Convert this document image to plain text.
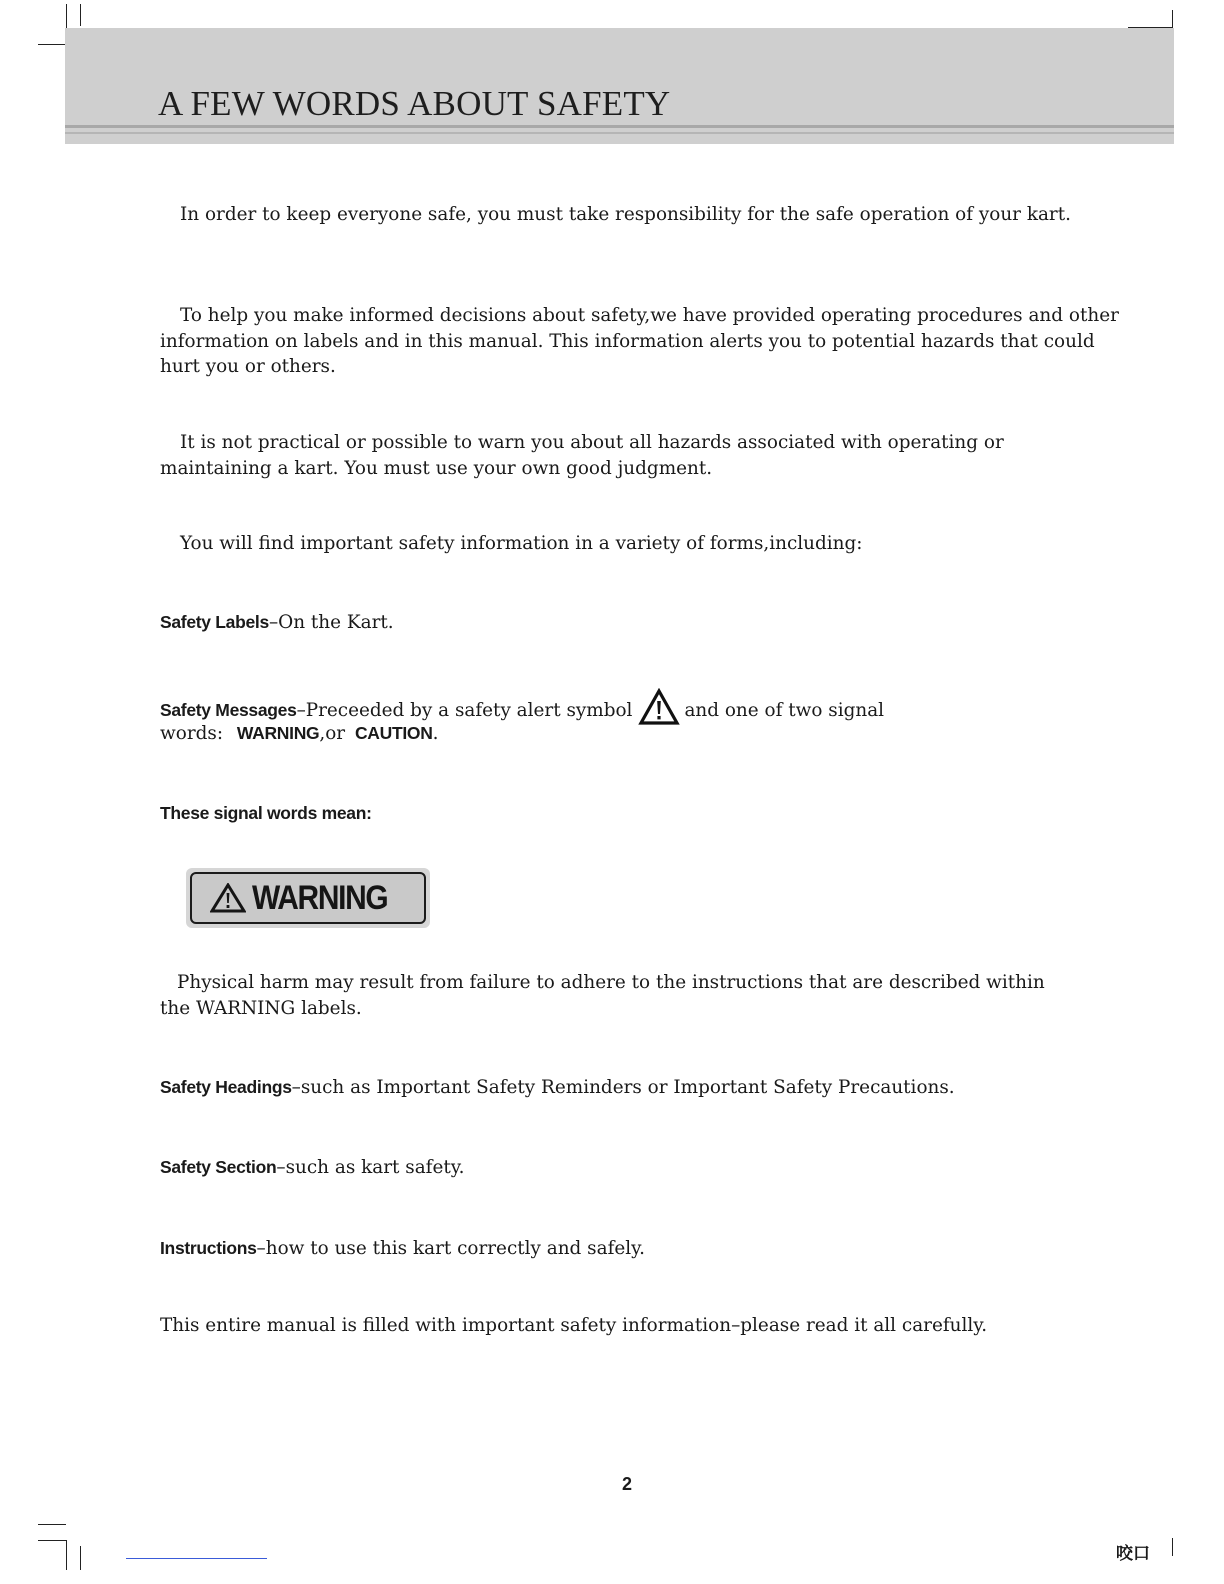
A FEW WORDS ABOUT SAFETY

In order to keep everyone safe, you must take responsibility for the safe operation of your kart.

To help you make informed decisions about safety,we have provided operating procedures and other information on labels and in this manual. This information alerts you to potential hazards that could hurt you or others.

It is not practical or possible to warn you about all hazards associated with operating or maintaining a kart. You must use your own good judgment.

You will find important safety information in a variety of forms,including:

Safety Labels–On the Kart.

Safety Messages–Preceeded by a safety alert symbol	and one of two signal

words: WARNING,or CAUTION.

These signal words mean:

WARNING

Physical harm may result from failure to adhere to the instructions that are described within the WARNING labels.

Safety Headings–such as Important Safety Reminders or Important Safety Precautions.

Safety Section–such as kart safety.

Instructions–how to use this kart correctly and safely.

This entire manual is filled with important safety information–please read it all carefully.

2
咬口
